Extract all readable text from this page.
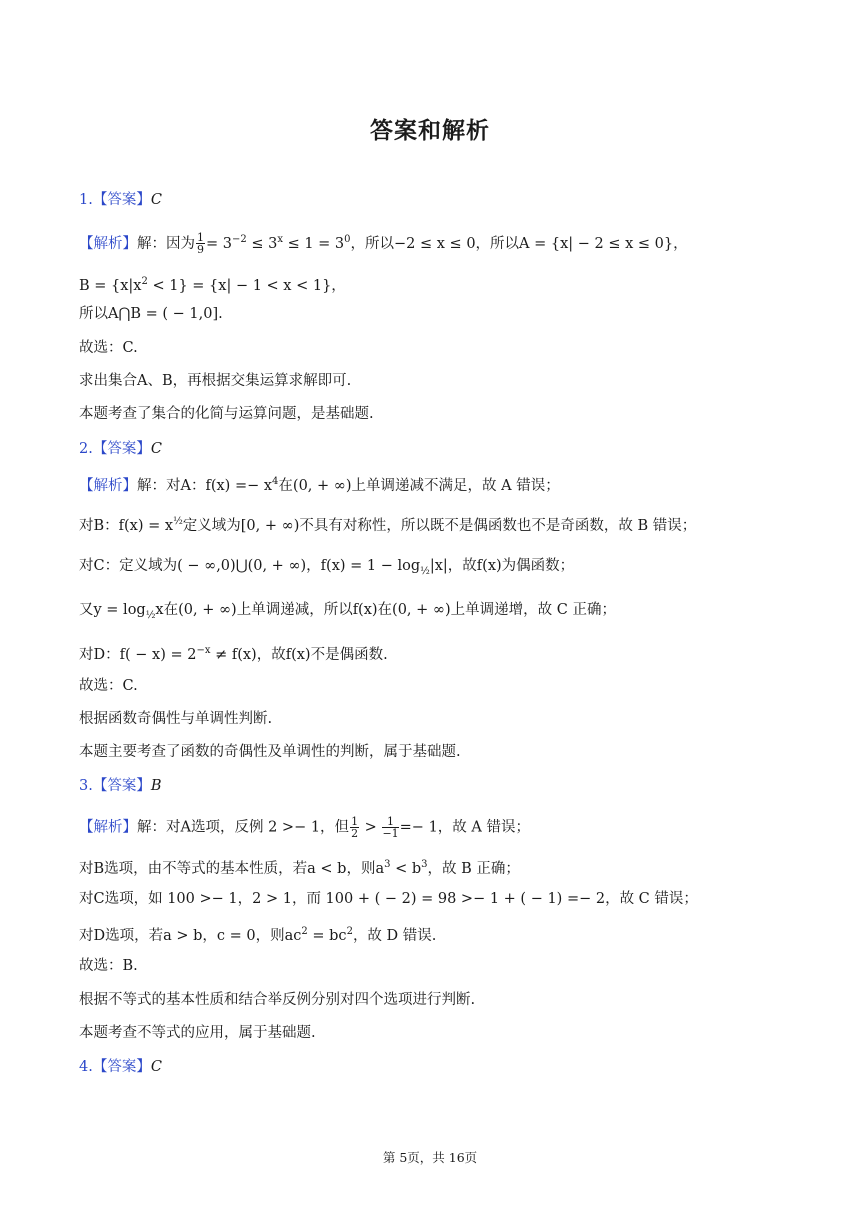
答案和解析
1.【答案】C
【解析】解：因为 $\frac{1}{9} = 3^{-2} \le 3^x \le 1 = 3^0$，所以−2 ≤ x ≤ 0，所以A = {x| − 2 ≤ x ≤ 0}，
$B = \{x|x^2 < 1\} = \{x| - 1 < x < 1\}$，
所以A⋂B = ( − 1,0].
故选：C.
求出集合A、B，再根据交集运算求解即可.
本题考查了集合的化简与运算问题，是基础题.
2.【答案】C
【解析】解：对A：$f(x) =- x^4$在(0, + ∞)上单调递减不满足，故 A 错误；
对B：$f(x) = x^{\frac{1}{2}}$定义域为[0, + ∞)不具有对称性，所以既不是偶函数也不是奇函数，故 B 错误；
对C：定义域为( − ∞,0)⋃(0, + ∞)，$f(x) = 1 - \log_{\frac{1}{2}}|x|$，故f(x)为偶函数；
又$y = \log_{\frac{1}{2}}x$在(0, + ∞)上单调递减，所以f(x)在(0, + ∞)上单调递增，故 C 正确；
对D：$f( - x) = 2^{-x} \ne f(x)$，故f(x)不是偶函数.
故选：C.
根据函数奇偶性与单调性判断.
本题主要考查了函数的奇偶性及单调性的判断，属于基础题.
3.【答案】B
【解析】解：对A选项，反例 2 >− 1，但 $\frac{1}{2} > \frac{1}{-1} =- 1$，故 A 错误；
对B选项，由不等式的基本性质，若a < b，则$a^3 < b^3$，故 B 正确；
对C选项，如 100 >− 1，2 > 1，而 100 + ( − 2) = 98 >− 1 + ( − 1) =− 2，故 C 错误；
对D选项，若a > b，c = 0，则$ac^2 = bc^2$，故 D 错误.
故选：B.
根据不等式的基本性质和结合举反例分别对四个选项进行判断.
本题考查不等式的应用，属于基础题.
4.【答案】C
第 5页，共 16页
